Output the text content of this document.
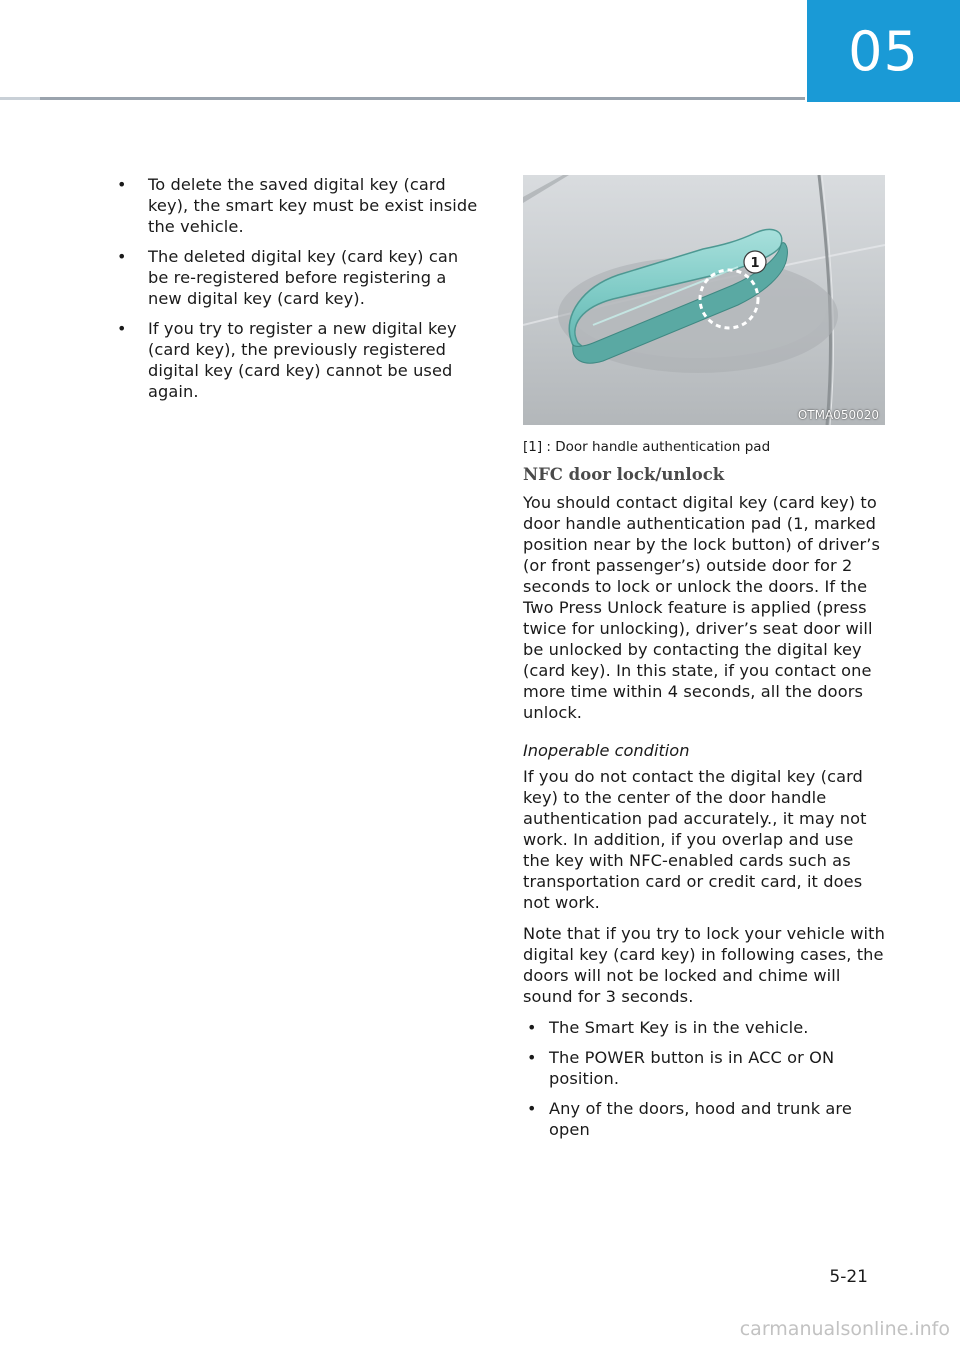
05
• To delete the saved digital key (card key), the smart key must be exist inside the vehicle.
• The deleted digital key (card key) can be re-registered before registering a new digital key (card key).
• If you try to register a new digital key (card key), the previously registered digital key (card key) cannot be used again.
1
OTMA050020
[1] : Door handle authentication pad
NFC door lock/unlock

You should contact digital key (card key) to door handle authentication pad (1, marked position near by the lock button) of driver’s (or front passenger’s) outside door for 2 seconds to lock or unlock the doors. If the Two Press Unlock feature is applied (press twice for unlocking), driver’s seat door will be unlocked by contacting the digital key (card key). In this state, if you contact one more time within 4 seconds, all the doors unlock.

Inoperable condition

If you do not contact the digital key (card key) to the center of the door handle authentication pad accurately., it may not work. In addition, if you overlap and use the key with NFC-enabled cards such as transportation card or credit card, it does not work.

Note that if you try to lock your vehicle with digital key (card key) in following cases, the doors will not be locked and chime will sound for 3 seconds.

• The Smart Key is in the vehicle.
• The POWER button is in ACC or ON position.
• Any of the doors, hood and trunk are open
5-21
carmanualsonline.info
